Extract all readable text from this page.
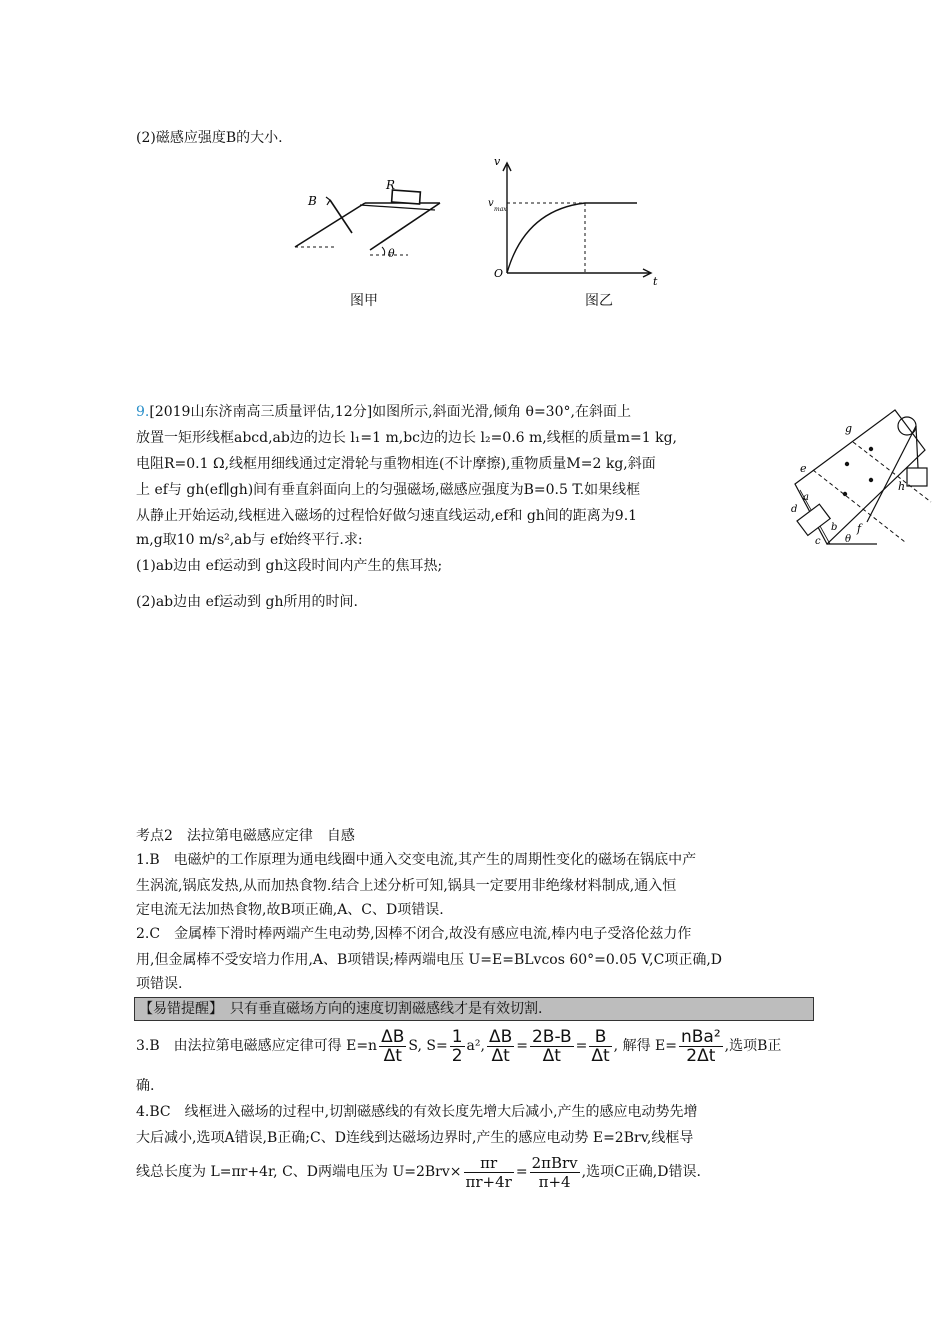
(2)磁感应强度B的大小.
B
R
θ
图甲
v
v
max
O
t
图乙
9.[2019山东济南高三质量评估,12分]如图所示,斜面光滑,倾角 θ=30°,在斜面上
放置一矩形线框abcd,ab边的边长 l₁=1 m,bc边的边长 l₂=0.6 m,线框的质量m=1 kg,
电阻R=0.1 Ω,线框用细线通过定滑轮与重物相连(不计摩擦),重物质量M=2 kg,斜面
上 ef与 gh(ef∥gh)间有垂直斜面向上的匀强磁场,磁感应强度为B=0.5 T.如果线框
从静止开始运动,线框进入磁场的过程恰好做匀速直线运动,ef和 gh间的距离为9.1
m,g取10 m/s²,ab与 ef始终平行.求:
(1)ab边由 ef运动到 gh这段时间内产生的焦耳热;
(2)ab边由 ef运动到 gh所用的时间.
g
e
a
b
c
d
f
h
θ
考点2　法拉第电磁感应定律　自感
1.B　电磁炉的工作原理为通电线圈中通入交变电流,其产生的周期性变化的磁场在锅底中产
生涡流,锅底发热,从而加热食物.结合上述分析可知,锅具一定要用非绝缘材料制成,通入恒
定电流无法加热食物,故B项正确,A、C、D项错误.
2.C　金属棒下滑时棒两端产生电动势,因棒不闭合,故没有感应电流,棒内电子受洛伦兹力作
用,但金属棒不受安培力作用,A、B项错误;棒两端电压 U=E=BLvcos 60°=0.05 V,C项正确,D
项错误.
【易错提醒】　只有垂直磁场方向的速度切割磁感线才是有效切割.
3.B　由法拉第电磁感应定律可得 $E=n \frac{\Delta B}{\Delta t} S$, $S= \frac{1}{2} a^2$, $\frac{\Delta B}{\Delta t} = \frac{2B-B}{\Delta t} = \frac{B}{\Delta t}$ , 解得 $E= \frac{\text{nBa²}}{2\Delta t}$ ,选项B正
确.
4.BC　线框进入磁场的过程中,切割磁感线的有效长度先增大后减小,产生的感应电动势先增
大后减小,选项A错误,B正确;C、D连线到达磁场边界时,产生的感应电动势 E=2Brv,线框导
线总长度为 L=πr+4r, C、D两端电压为 $U=2Brv\times \frac{\pi r}{\pi r+4r} = \frac{\text{2πBrv}}{\pi+4}$ ,选项C正确,D错误.
